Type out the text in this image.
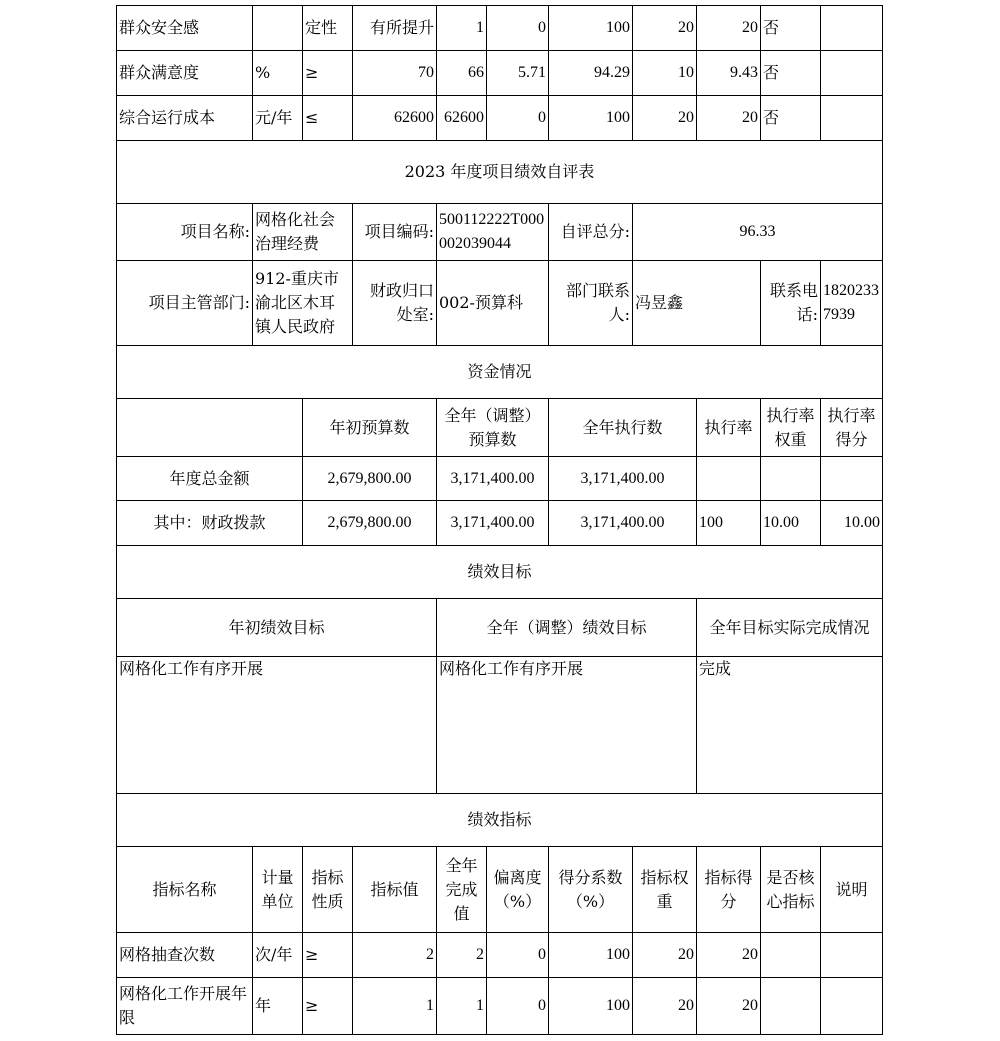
群众安全感		定性	有所提升	1	0	100	20	20	否	
群众满意度	%	≥	70	66	5.71	94.29	10	9.43	否	
综合运行成本	元/年	≤	62600	62600	0	100	20	20	否	
2023 年度项目绩效自评表										
项目名称:	网格化社会治理经费		项目编码:	500112222T000002039044		自评总分:	96.33			
项目主管部门:	912-重庆市渝北区木耳镇人民政府		财政归口处室:	002-预算科		部门联系人:	冯昱鑫		联系电话:	18202337939
资金情况										
		年初预算数		全年（调整）预算数		全年执行数		执行率	执行率权重	执行率得分
年度总金额		2,679,800.00		3,171,400.00		3,171,400.00				
其中：财政拨款		2,679,800.00		3,171,400.00		3,171,400.00		100	10.00	10.00
绩效目标										
年初绩效目标				全年（调整）绩效目标				全年目标实际完成情况		
网格化工作有序开展				网格化工作有序开展				完成		
绩效指标										
指标名称	计量单位	指标性质	指标值	全年完成值	偏离度（%）	得分系数（%）	指标权重	指标得分	是否核心指标	说明
网格抽查次数	次/年	≥	2	2	0	100	20	20		
网格化工作开展年限	年	≥	1	1	0	100	20	20		
